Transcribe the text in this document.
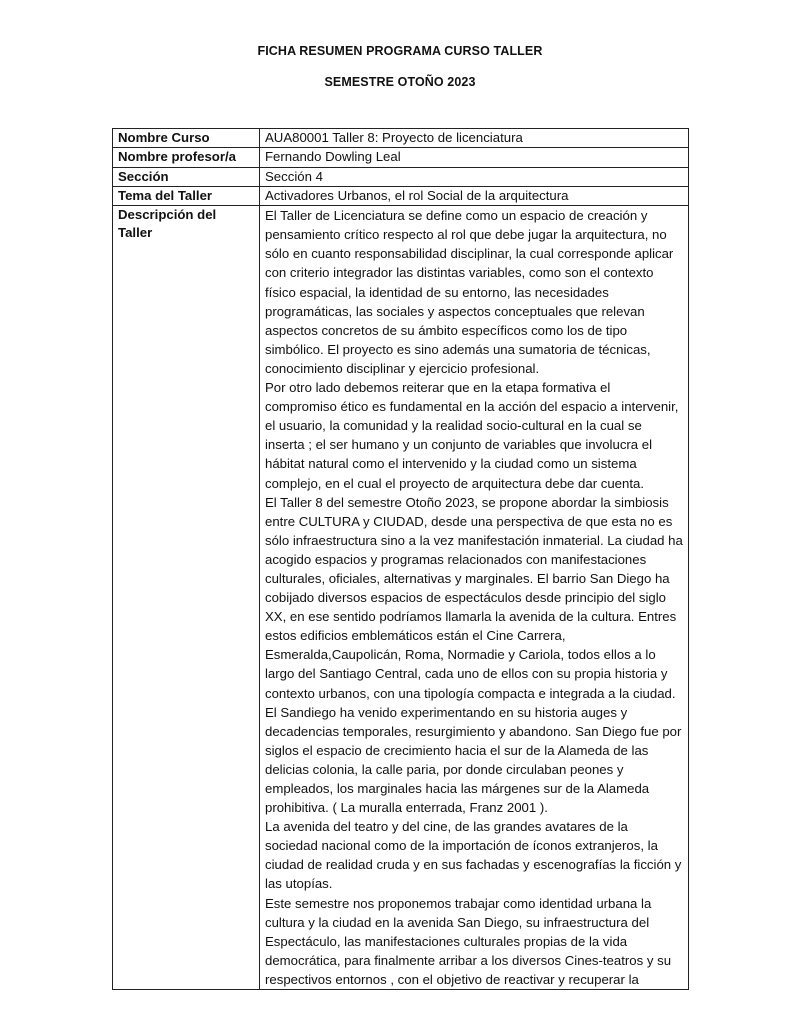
FICHA RESUMEN PROGRAMA CURSO TALLER
SEMESTRE OTOÑO 2023
Nombre Curso	AUA80001 Taller 8: Proyecto de licenciatura
Nombre profesor/a	Fernando Dowling Leal
Sección	Sección 4
Tema del Taller	Activadores Urbanos, el rol Social de la arquitectura
Descripción del Taller	El Taller de Licenciatura se define como un espacio de creación y pensamiento crítico respecto al rol que debe jugar la arquitectura, no sólo en cuanto responsabilidad disciplinar, la cual corresponde aplicar con criterio integrador las distintas variables, como son el contexto físico espacial, la identidad de su entorno, las necesidades programáticas, las sociales y aspectos conceptuales que relevan aspectos concretos de su ámbito específicos como los de tipo simbólico. El proyecto es sino además una sumatoria de técnicas, conocimiento disciplinar y ejercicio profesional.

Por otro lado debemos reiterar que en la etapa formativa el compromiso ético es fundamental en la acción del espacio a intervenir, el usuario, la comunidad y la realidad socio-cultural en la cual se inserta ; el ser humano y un conjunto de variables que involucra el hábitat natural como el intervenido y la ciudad como un sistema complejo, en el cual el proyecto de arquitectura debe dar cuenta.

El Taller 8 del semestre Otoño 2023, se propone abordar la simbiosis entre CULTURA y CIUDAD, desde una perspectiva de que esta no es sólo infraestructura sino a la vez manifestación inmaterial. La ciudad ha acogido espacios y programas relacionados con manifestaciones culturales, oficiales, alternativas y marginales. El barrio San Diego ha cobijado diversos espacios de espectáculos desde principio del siglo XX, en ese sentido podríamos llamarla la avenida de la cultura. Entres estos edificios emblemáticos están el Cine Carrera, Esmeralda,Caupolicán, Roma, Normadie y Cariola, todos ellos a lo largo del Santiago Central, cada uno de ellos con su propia historia y contexto urbanos, con una tipología compacta e integrada a la ciudad. El Sandiego ha venido experimentando en su historia auges y decadencias temporales, resurgimiento y abandono. San Diego fue por siglos el espacio de crecimiento hacia el sur de la Alameda de las delicias colonia, la calle paria, por donde circulaban peones y empleados, los marginales hacia las márgenes sur de la Alameda prohibitiva. ( La muralla enterrada, Franz 2001 ).

La avenida del teatro y del cine, de las grandes avatares de la sociedad nacional como de la importación de íconos extranjeros, la ciudad de realidad cruda y en sus fachadas y escenografías la ficción y las utopías.

Este semestre nos proponemos trabajar como identidad urbana la cultura y la ciudad en la avenida San Diego, su infraestructura del Espectáculo, las manifestaciones culturales propias de la vida democrática, para finalmente arribar a los diversos Cines-teatros y su respectivos entornos , con el objetivo de reactivar y recuperar la
